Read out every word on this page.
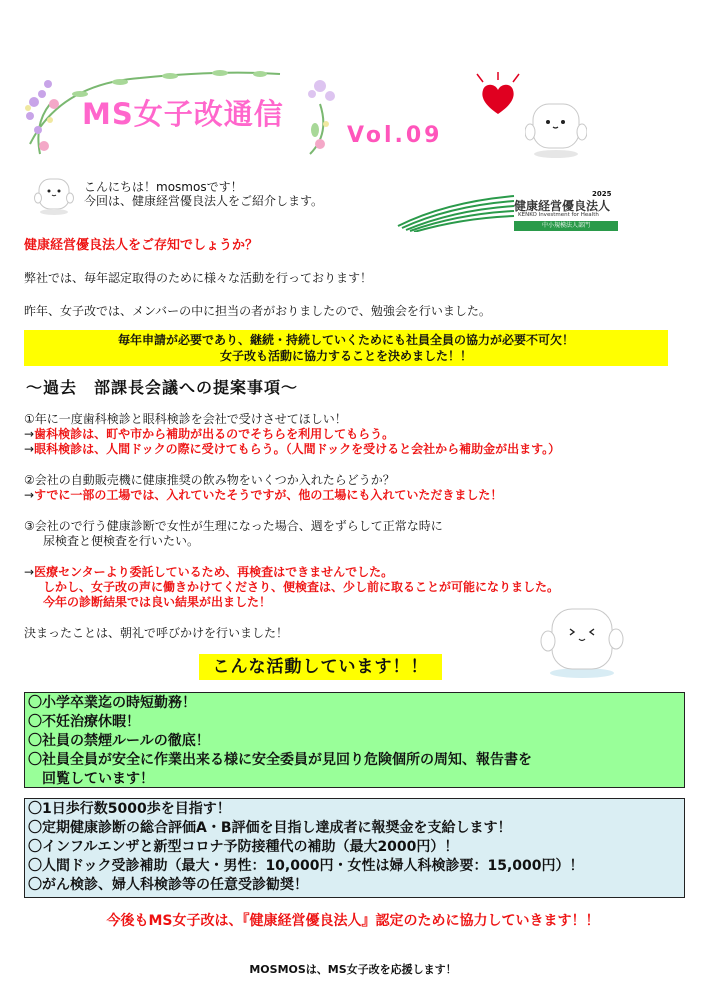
MS女子改通信
Vol.09
こんにちは！mosmosです！
今回は、健康経営優良法人をご紹介します。	2025
健康経営優良法人
KENKO Investment for Health
中小規模法人部門
健康経営優良法人をご存知でしょうか？
弊社では、毎年認定取得のために様々な活動を行っております！
昨年、女子改では、メンバーの中に担当の者がおりましたので、勉強会を行いました。
毎年申請が必要であり、継続・持続していくためにも社員全員の協力が必要不可欠！
女子改も活動に協力することを決めました！！
～過去　部課長会議への提案事項～
①年に一度歯科検診と眼科検診を会社で受けさせてほしい！
→歯科検診は、町や市から補助が出るのでそちらを利用してもらう。
→眼科検診は、人間ドックの際に受けてもらう。（人間ドックを受けると会社から補助金が出ます。）
②会社の自動販売機に健康推奨の飲み物をいくつか入れたらどうか？
→すでに一部の工場では、入れていたそうですが、他の工場にも入れていただきました！
③会社ので行う健康診断で女性が生理になった場合、週をずらして正常な時に
尿検査と便検査を行いたい。
→医療センターより委託しているため、再検査はできませんでした。
しかし、女子改の声に働きかけてくださり、便検査は、少し前に取ることが可能になりました。
今年の診断結果では良い結果が出ました！
決まったことは、朝礼で呼びかけを行いました！
こんな活動しています！！
〇小学卒業迄の時短勤務！
〇不妊治療休暇！
〇社員の禁煙ルールの徹底！
〇社員全員が安全に作業出来る様に安全委員が見回り危険個所の周知、報告書を
　回覧しています！
〇1日歩行数5000歩を目指す！
〇定期健康診断の総合評価A・B評価を目指し達成者に報奨金を支給します！
〇インフルエンザと新型コロナ予防接種代の補助（最大2000円）！
〇人間ドック受診補助（最大・男性：10,000円・女性は婦人科検診要：15,000円）！
〇がん検診、婦人科検診等の任意受診勧奨！
今後もMS女子改は、『健康経営優良法人』認定のために協力していきます！！
MOSMOSは、MS女子改を応援します！
